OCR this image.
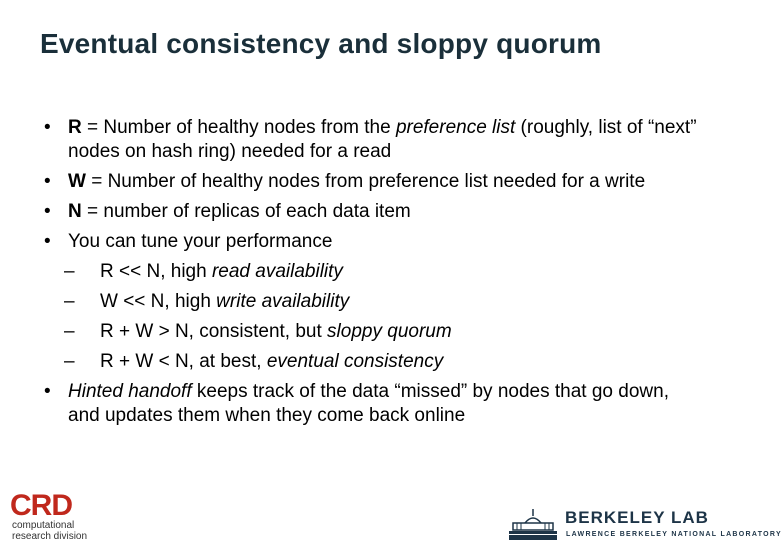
Eventual consistency and sloppy quorum
• R = Number of healthy nodes from the preference list (roughly, list of “next” nodes on hash ring) needed for a read
• W = Number of healthy nodes from preference list needed for a write
• N = number of replicas of each data item
• You can tune your performance
– R << N, high read availability
– W << N, high write availability
– R + W > N, consistent, but sloppy quorum
– R + W < N, at best, eventual consistency
• Hinted handoff keeps track of the data “missed” by nodes that go down, and updates them when they come back online
CRD
computational
research division
BERKELEY LAB
LAWRENCE BERKELEY NATIONAL LABORATORY
